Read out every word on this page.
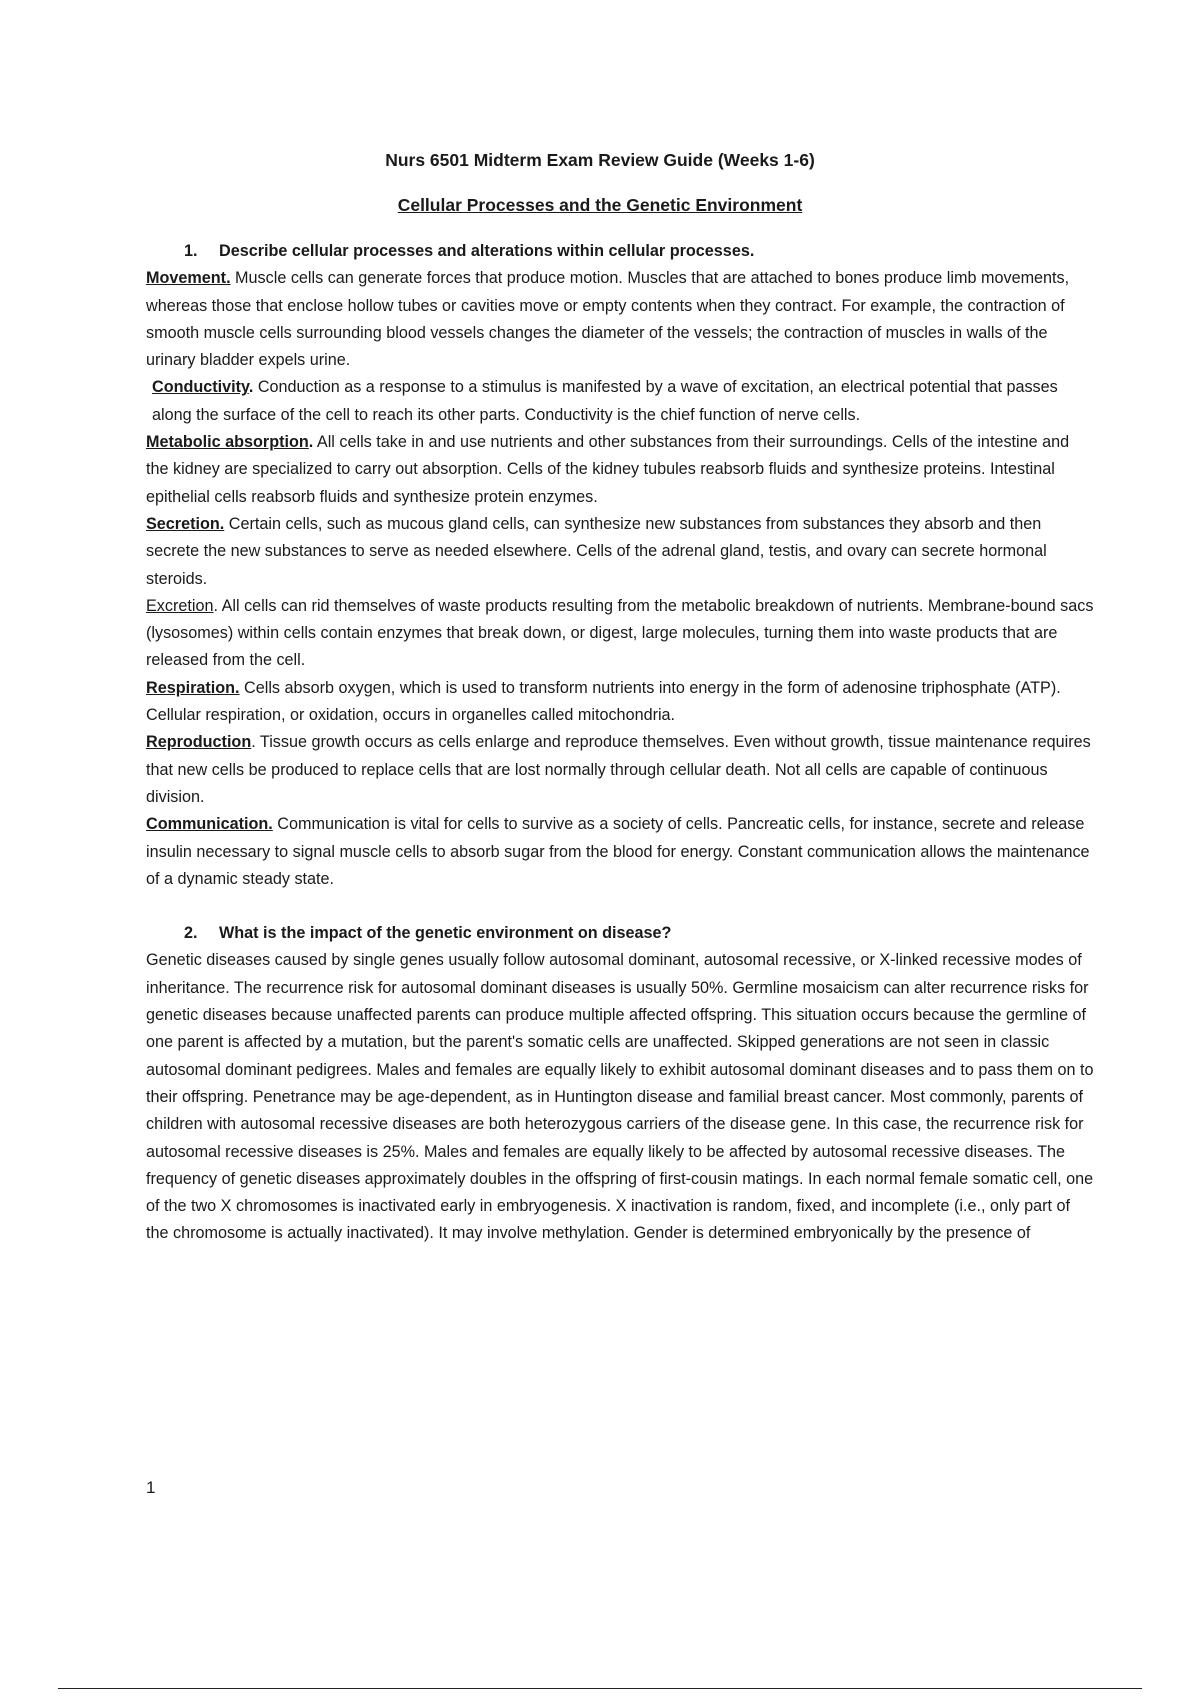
Nurs 6501 Midterm Exam Review Guide (Weeks 1-6)
Cellular Processes and the Genetic Environment

1. Describe cellular processes and alterations within cellular processes.

Movement. Muscle cells can generate forces that produce motion. Muscles that are attached to bones produce limb movements, whereas those that enclose hollow tubes or cavities move or empty contents when they contract. For example, the contraction of smooth muscle cells surrounding blood vessels changes the diameter of the vessels; the contraction of muscles in walls of the urinary bladder expels urine.

Conductivity. Conduction as a response to a stimulus is manifested by a wave of excitation, an electrical potential that passes along the surface of the cell to reach its other parts. Conductivity is the chief function of nerve cells.

Metabolic absorption. All cells take in and use nutrients and other substances from their surroundings. Cells of the intestine and the kidney are specialized to carry out absorption. Cells of the kidney tubules reabsorb fluids and synthesize proteins. Intestinal epithelial cells reabsorb fluids and synthesize protein enzymes.

Secretion. Certain cells, such as mucous gland cells, can synthesize new substances from substances they absorb and then secrete the new substances to serve as needed elsewhere. Cells of the adrenal gland, testis, and ovary can secrete hormonal steroids.

Excretion. All cells can rid themselves of waste products resulting from the metabolic breakdown of nutrients. Membrane-bound sacs (lysosomes) within cells contain enzymes that break down, or digest, large molecules, turning them into waste products that are released from the cell.

Respiration. Cells absorb oxygen, which is used to transform nutrients into energy in the form of adenosine triphosphate (ATP). Cellular respiration, or oxidation, occurs in organelles called mitochondria.

Reproduction. Tissue growth occurs as cells enlarge and reproduce themselves. Even without growth, tissue maintenance requires that new cells be produced to replace cells that are lost normally through cellular death. Not all cells are capable of continuous division.

Communication. Communication is vital for cells to survive as a society of cells. Pancreatic cells, for instance, secrete and release insulin necessary to signal muscle cells to absorb sugar from the blood for energy. Constant communication allows the maintenance of a dynamic steady state.

2. What is the impact of the genetic environment on disease?

Genetic diseases caused by single genes usually follow autosomal dominant, autosomal recessive, or X-linked recessive modes of inheritance. The recurrence risk for autosomal dominant diseases is usually 50%. Germline mosaicism can alter recurrence risks for genetic diseases because unaffected parents can produce multiple affected offspring. This situation occurs because the germline of one parent is affected by a mutation, but the parent's somatic cells are unaffected. Skipped generations are not seen in classic autosomal dominant pedigrees. Males and females are equally likely to exhibit autosomal dominant diseases and to pass them on to their offspring. Penetrance may be age-dependent, as in Huntington disease and familial breast cancer. Most commonly, parents of children with autosomal recessive diseases are both heterozygous carriers of the disease gene. In this case, the recurrence risk for autosomal recessive diseases is 25%. Males and females are equally likely to be affected by autosomal recessive diseases. The frequency of genetic diseases approximately doubles in the offspring of first-cousin matings. In each normal female somatic cell, one of the two X chromosomes is inactivated early in embryogenesis. X inactivation is random, fixed, and incomplete (i.e., only part of the chromosome is actually inactivated). It may involve methylation. Gender is determined embryonically by the presence of

1
